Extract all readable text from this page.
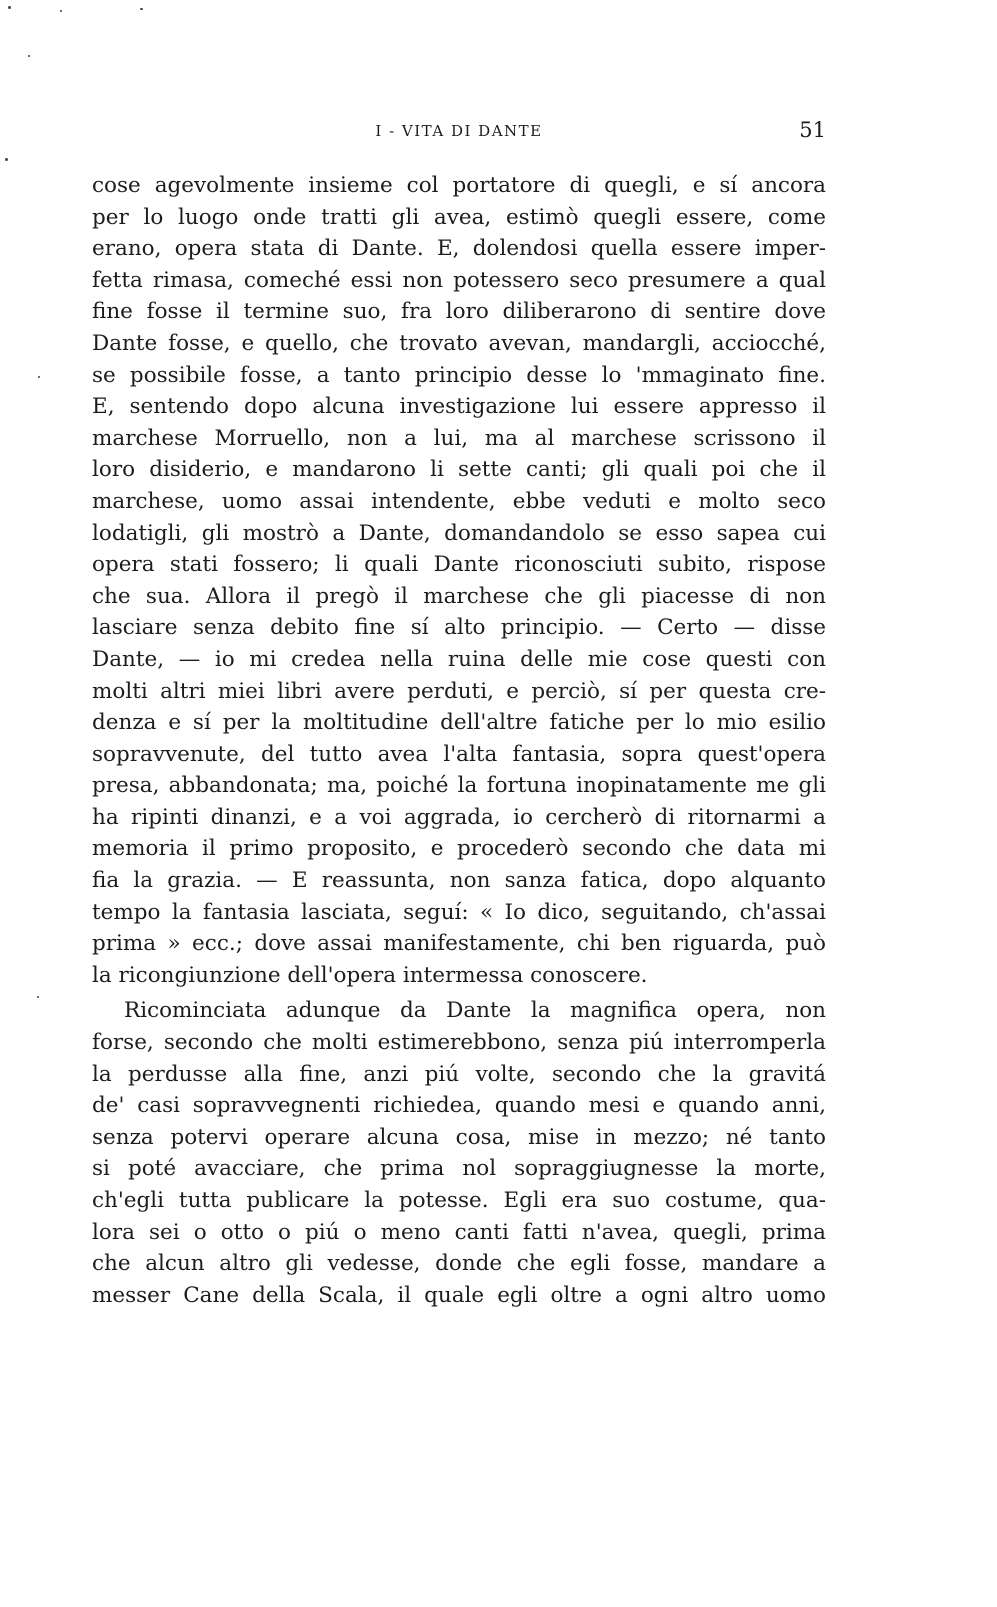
I - VITA DI DANTE	51
cose agevolmente insieme col portatore di quegli, e sí ancora
per lo luogo onde tratti gli avea, estimò quegli essere, come
erano, opera stata di Dante. E, dolendosi quella essere imper-
fetta rimasa, comeché essi non potessero seco presumere a qual
fine fosse il termine suo, fra loro diliberarono di sentire dove
Dante fosse, e quello, che trovato avevan, mandargli, acciocché,
se possibile fosse, a tanto principio desse lo 'mmaginato fine.
E, sentendo dopo alcuna investigazione lui essere appresso il
marchese Morruello, non a lui, ma al marchese scrissono il
loro disiderio, e mandarono li sette canti; gli quali poi che il
marchese, uomo assai intendente, ebbe veduti e molto seco
lodatigli, gli mostrò a Dante, domandandolo se esso sapea cui
opera stati fossero; li quali Dante riconosciuti subito, rispose
che sua. Allora il pregò il marchese che gli piacesse di non
lasciare senza debito fine sí alto principio. — Certo — disse
Dante, — io mi credea nella ruina delle mie cose questi con
molti altri miei libri avere perduti, e perciò, sí per questa cre-
denza e sí per la moltitudine dell'altre fatiche per lo mio esilio
sopravvenute, del tutto avea l'alta fantasia, sopra quest'opera
presa, abbandonata; ma, poiché la fortuna inopinatamente me gli
ha ripinti dinanzi, e a voi aggrada, io cercherò di ritornarmi a
memoria il primo proposito, e procederò secondo che data mi
fia la grazia. — E reassunta, non sanza fatica, dopo alquanto
tempo la fantasia lasciata, seguí: « Io dico, seguitando, ch'assai
prima » ecc.; dove assai manifestamente, chi ben riguarda, può
la ricongiunzione dell'opera intermessa conoscere.
Ricominciata adunque da Dante la magnifica opera, non
forse, secondo che molti estimerebbono, senza piú interromperla
la perdusse alla fine, anzi piú volte, secondo che la gravitá
de' casi sopravvegnenti richiedea, quando mesi e quando anni,
senza potervi operare alcuna cosa, mise in mezzo; né tanto
si poté avacciare, che prima nol sopraggiugnesse la morte,
ch'egli tutta publicare la potesse. Egli era suo costume, qua-
lora sei o otto o piú o meno canti fatti n'avea, quegli, prima
che alcun altro gli vedesse, donde che egli fosse, mandare a
messer Cane della Scala, il quale egli oltre a ogni altro uomo
